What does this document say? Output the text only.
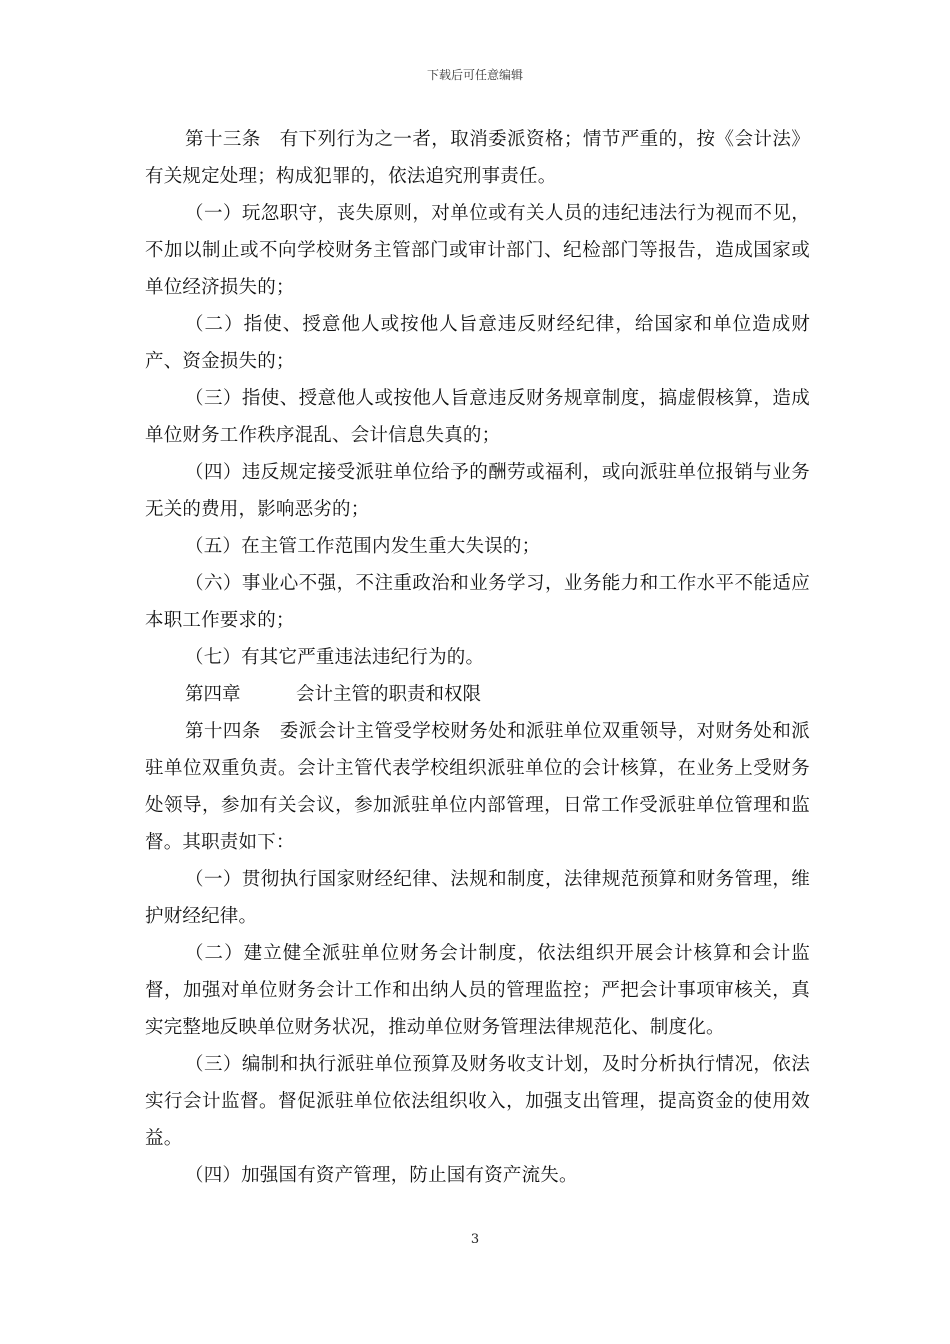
下载后可任意编辑

第十三条　有下列行为之一者，取消委派资格；情节严重的，按《会计法》有关规定处理；构成犯罪的，依法追究刑事责任。

（一）玩忽职守，丧失原则，对单位或有关人员的违纪违法行为视而不见，不加以制止或不向学校财务主管部门或审计部门、纪检部门等报告，造成国家或单位经济损失的；

（二）指使、授意他人或按他人旨意违反财经纪律，给国家和单位造成财产、资金损失的；

（三）指使、授意他人或按他人旨意违反财务规章制度，搞虚假核算，造成单位财务工作秩序混乱、会计信息失真的；

（四）违反规定接受派驻单位给予的酬劳或福利，或向派驻单位报销与业务无关的费用，影响恶劣的；

（五）在主管工作范围内发生重大失误的；

（六）事业心不强，不注重政治和业务学习，业务能力和工作水平不能适应本职工作要求的；

（七）有其它严重违法违纪行为的。

第四章　　　会计主管的职责和权限

第十四条　委派会计主管受学校财务处和派驻单位双重领导，对财务处和派驻单位双重负责。会计主管代表学校组织派驻单位的会计核算，在业务上受财务处领导，参加有关会议，参加派驻单位内部管理，日常工作受派驻单位管理和监督。其职责如下：

（一）贯彻执行国家财经纪律、法规和制度，法律规范预算和财务管理，维护财经纪律。

（二）建立健全派驻单位财务会计制度，依法组织开展会计核算和会计监督，加强对单位财务会计工作和出纳人员的管理监控；严把会计事项审核关，真实完整地反映单位财务状况，推动单位财务管理法律规范化、制度化。

（三）编制和执行派驻单位预算及财务收支计划，及时分析执行情况，依法实行会计监督。督促派驻单位依法组织收入，加强支出管理，提高资金的使用效益。

（四）加强国有资产管理，防止国有资产流失。

3
